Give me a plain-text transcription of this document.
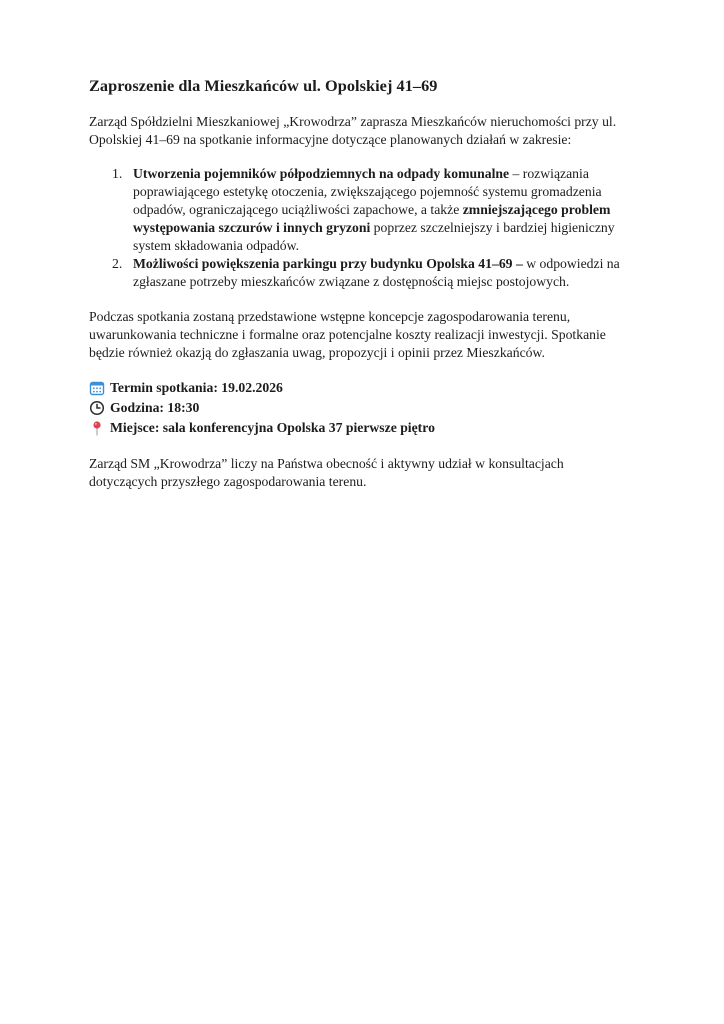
Zaproszenie dla Mieszkańców ul. Opolskiej 41–69

Zarząd Spółdzielni Mieszkaniowej „Krowodrza” zaprasza Mieszkańców nieruchomości przy ul. Opolskiej 41–69 na spotkanie informacyjne dotyczące planowanych działań w zakresie:

1. Utworzenia pojemników półpodziemnych na odpady komunalne – rozwiązania poprawiającego estetykę otoczenia, zwiększającego pojemność systemu gromadzenia odpadów, ograniczającego uciążliwości zapachowe, a także zmniejszającego problem występowania szczurów i innych gryzoni poprzez szczelniejszy i bardziej higieniczny system składowania odpadów.
2. Możliwości powiększenia parkingu przy budynku Opolska 41–69 – w odpowiedzi na zgłaszane potrzeby mieszkańców związane z dostępnością miejsc postojowych.

Podczas spotkania zostaną przedstawione wstępne koncepcje zagospodarowania terenu, uwarunkowania techniczne i formalne oraz potencjalne koszty realizacji inwestycji. Spotkanie będzie również okazją do zgłaszania uwag, propozycji i opinii przez Mieszkańców.

Termin spotkania: 19.02.2026
Godzina: 18:30
Miejsce: sala konferencyjna Opolska 37 pierwsze piętro

Zarząd SM „Krowodrza” liczy na Państwa obecność i aktywny udział w konsultacjach dotyczących przyszłego zagospodarowania terenu.
